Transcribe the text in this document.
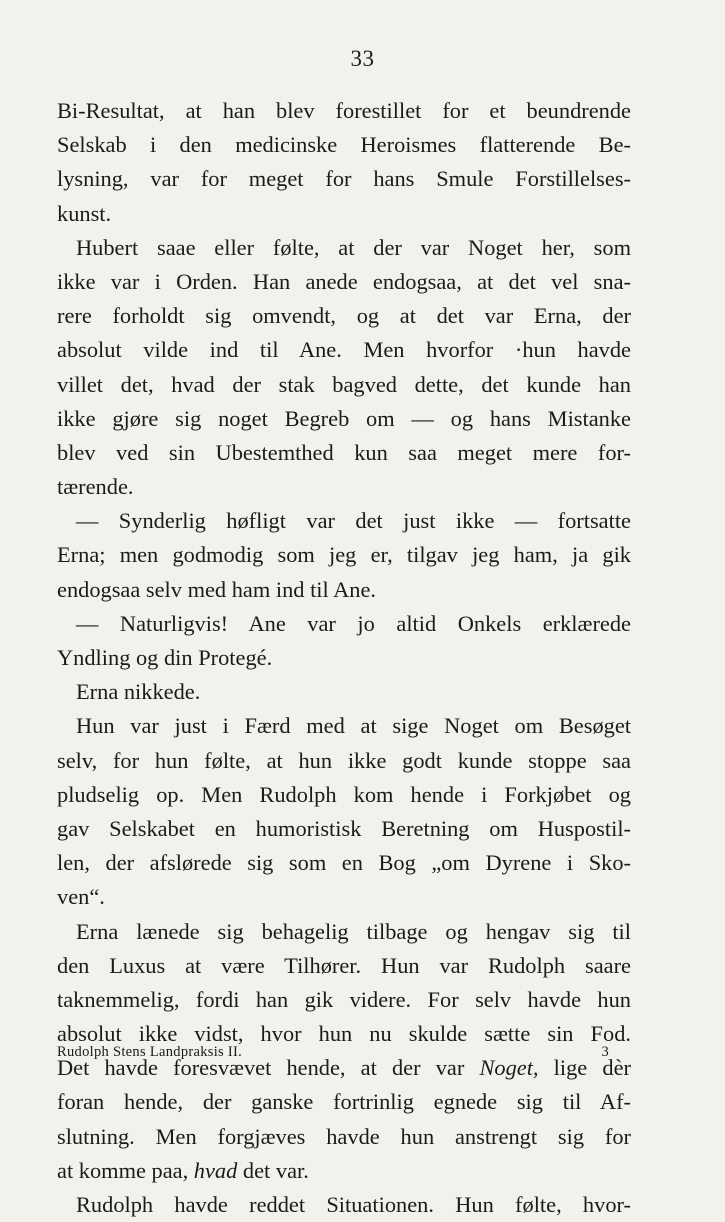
33
Bi-Resultat, at han blev forestillet for et beundrende
Selskab i den medicinske Heroismes flatterende Be-
lysning, var for meget for hans Smule Forstillelses-
kunst.
Hubert saae eller følte, at der var Noget her, som
ikke var i Orden. Han anede endogsaa, at det vel sna-
rere forholdt sig omvendt, og at det var Erna, der
absolut vilde ind til Ane. Men hvorfor ·hun havde
villet det, hvad der stak bagved dette, det kunde han
ikke gjøre sig noget Begreb om — og hans Mistanke
blev ved sin Ubestemthed kun saa meget mere for-
tærende.
— Synderlig høfligt var det just ikke — fortsatte
Erna; men godmodig som jeg er, tilgav jeg ham, ja gik
endogsaa selv med ham ind til Ane.
— Naturligvis! Ane var jo altid Onkels erklærede
Yndling og din Protegé.
Erna nikkede.
Hun var just i Færd med at sige Noget om Besøget
selv, for hun følte, at hun ikke godt kunde stoppe saa
pludselig op. Men Rudolph kom hende i Forkjøbet og
gav Selskabet en humoristisk Beretning om Huspostil-
len, der afslørede sig som en Bog „om Dyrene i Sko-
ven“.
Erna lænede sig behagelig tilbage og hengav sig til
den Luxus at være Tilhører. Hun var Rudolph saare
taknemmelig, fordi han gik videre. For selv havde hun
absolut ikke vidst, hvor hun nu skulde sætte sin Fod.
Det havde foresvævet hende, at der var Noget, lige dèr
foran hende, der ganske fortrinlig egnede sig til Af-
slutning. Men forgjæves havde hun anstrengt sig for
at komme paa, hvad det var.
Rudolph havde reddet Situationen. Hun følte, hvor-
Rudolph Stens Landpraksis II.	3
